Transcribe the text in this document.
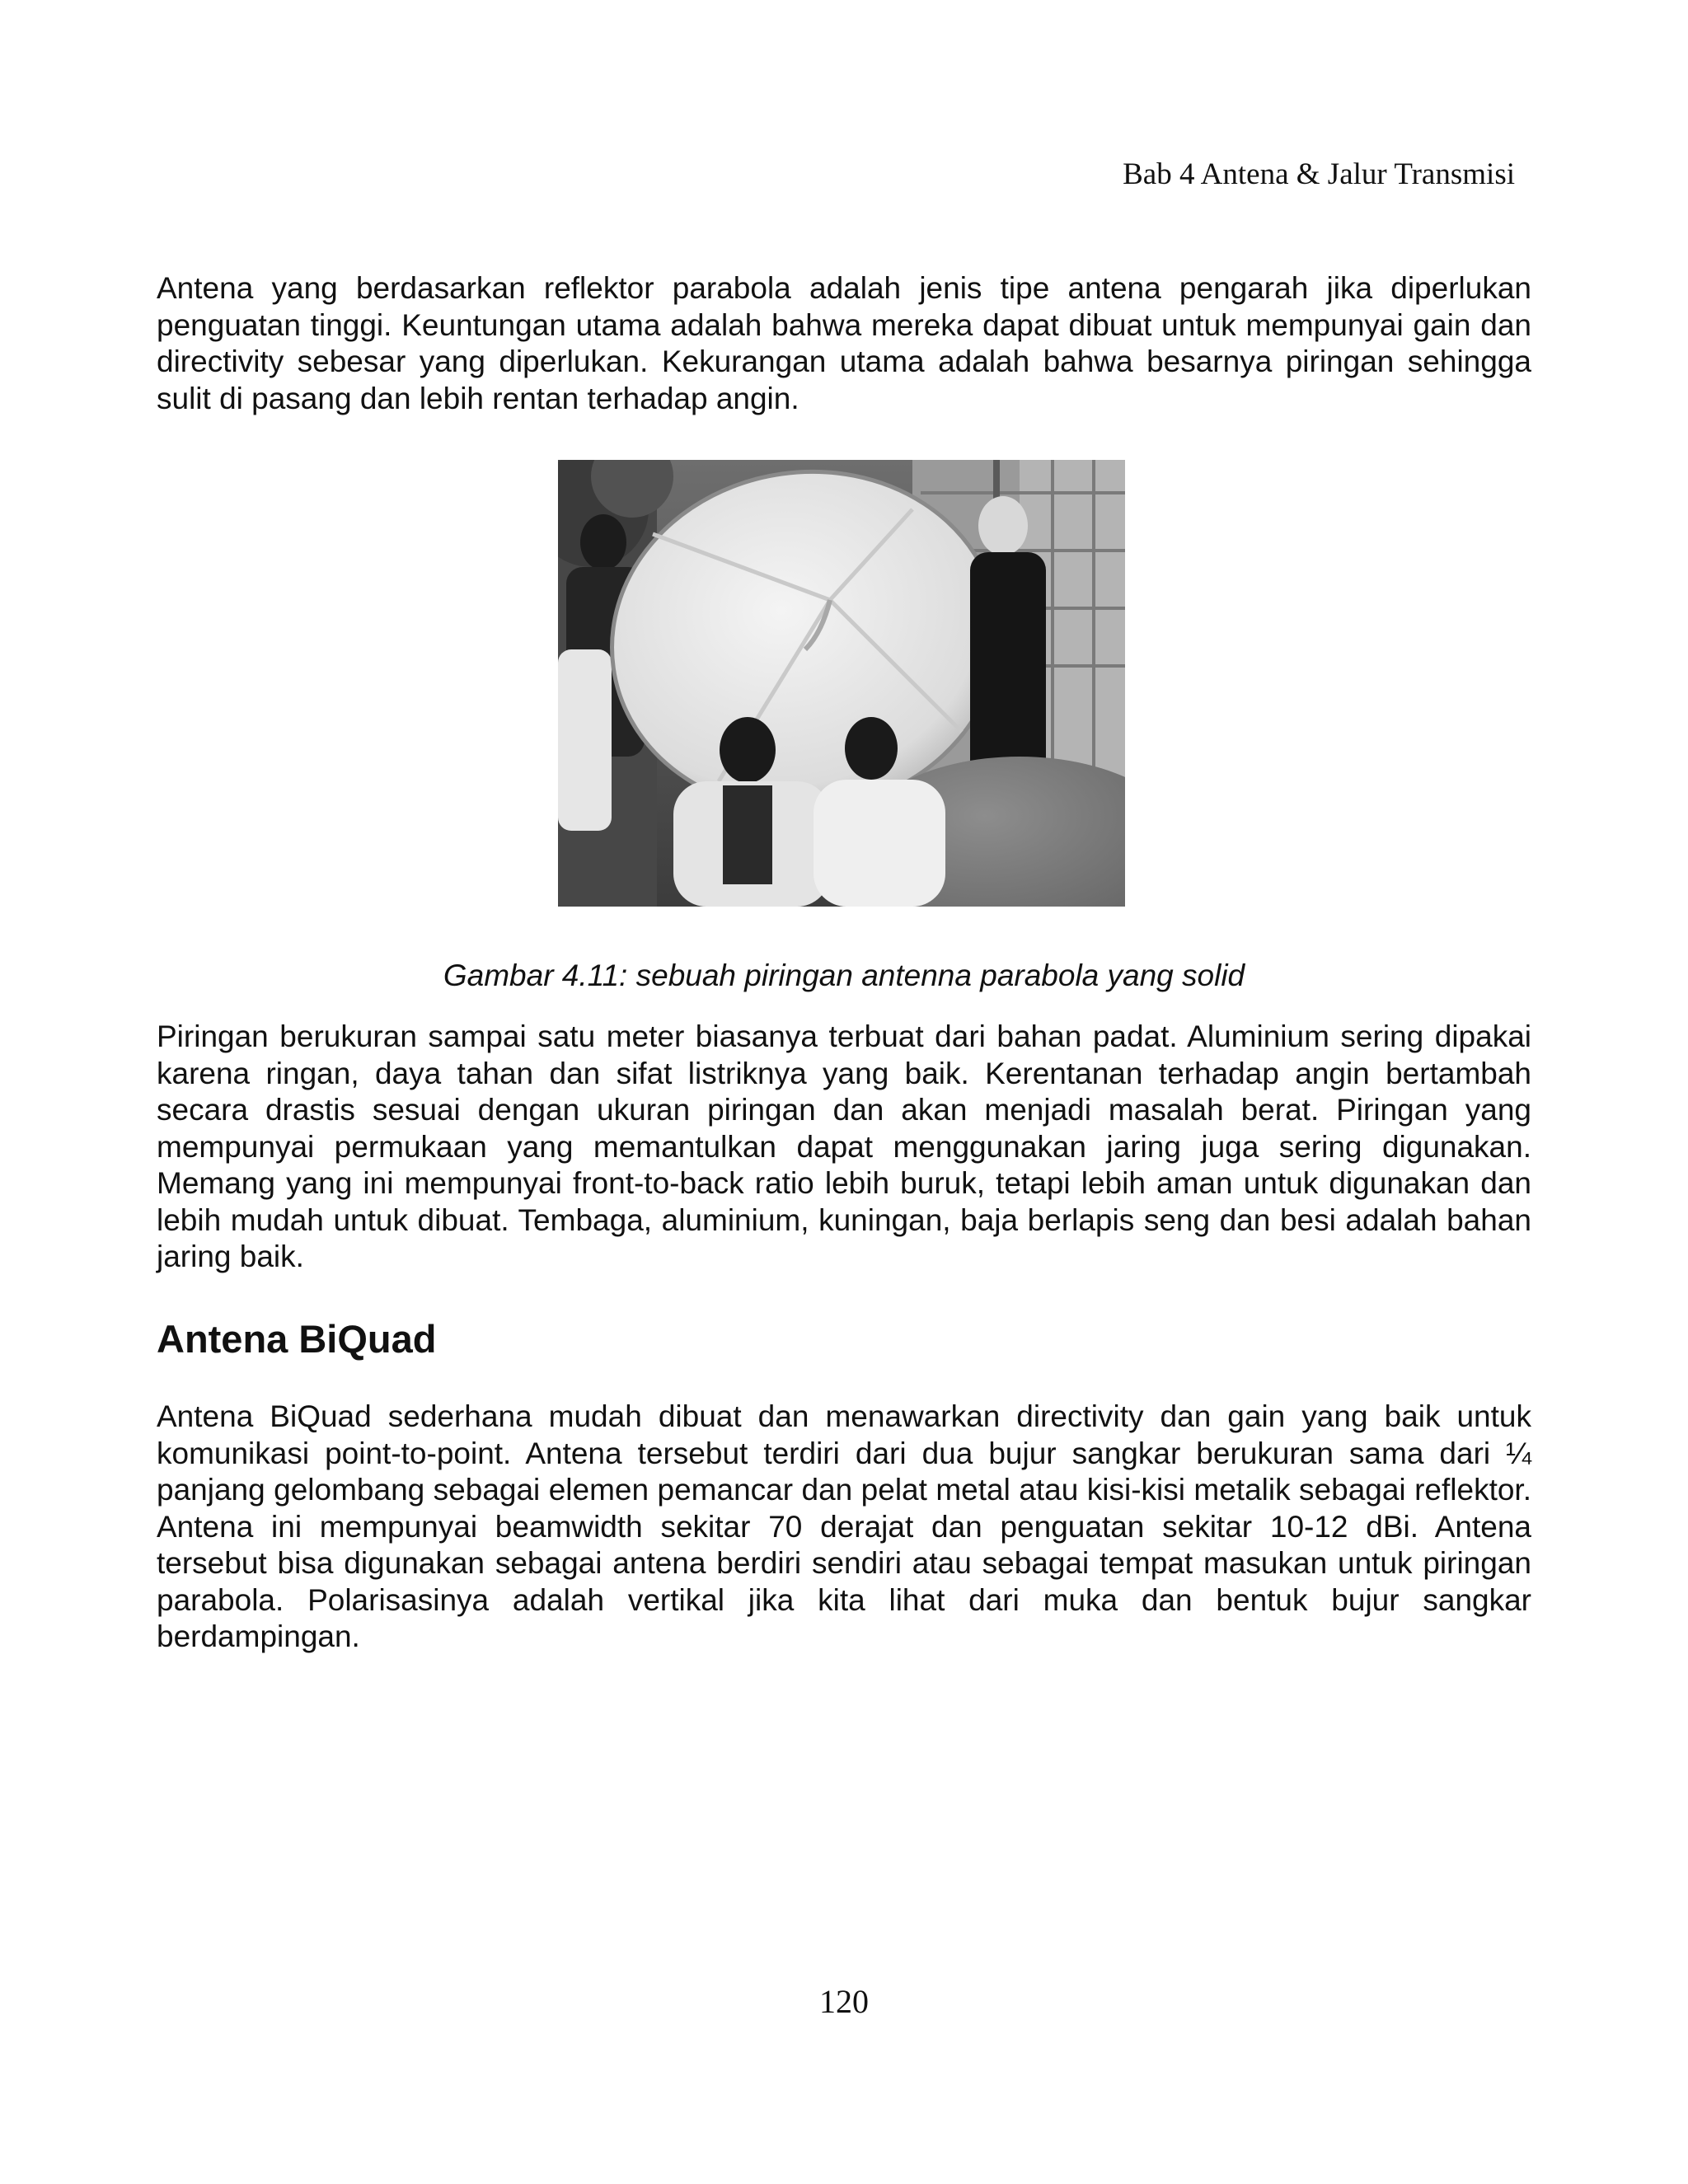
Bab 4 Antena & Jalur Transmisi

Antena yang berdasarkan reflektor parabola adalah jenis tipe antena pengarah jika diperlukan penguatan tinggi. Keuntungan utama adalah bahwa mereka dapat dibuat untuk mempunyai gain dan directivity sebesar yang diperlukan. Kekurangan utama adalah bahwa besarnya piringan sehingga sulit di pasang dan lebih rentan terhadap angin.

Gambar 4.11: sebuah piringan antenna parabola yang solid

Piringan berukuran sampai satu meter biasanya terbuat dari bahan padat. Aluminium sering dipakai karena ringan, daya tahan dan sifat listriknya yang baik. Kerentanan terhadap angin bertambah secara drastis sesuai dengan ukuran piringan dan akan menjadi masalah berat. Piringan yang mempunyai permukaan yang memantulkan dapat menggunakan jaring juga sering digunakan. Memang yang ini mempunyai front-to-back ratio lebih buruk, tetapi lebih aman untuk digunakan dan lebih mudah untuk dibuat. Tembaga, aluminium, kuningan, baja berlapis seng dan besi adalah bahan jaring baik.

Antena BiQuad

Antena BiQuad sederhana mudah dibuat dan menawarkan directivity dan gain yang baik untuk komunikasi point-to-point. Antena tersebut terdiri dari dua bujur sangkar berukuran sama dari ¼ panjang gelombang sebagai elemen pemancar dan pelat metal atau kisi-kisi metalik sebagai reflektor. Antena ini mempunyai beamwidth sekitar 70 derajat dan penguatan sekitar 10-12 dBi. Antena tersebut bisa digunakan sebagai antena berdiri sendiri atau sebagai tempat masukan untuk piringan parabola. Polarisasinya adalah vertikal jika kita lihat dari muka dan bentuk bujur sangkar berdampingan.

120
